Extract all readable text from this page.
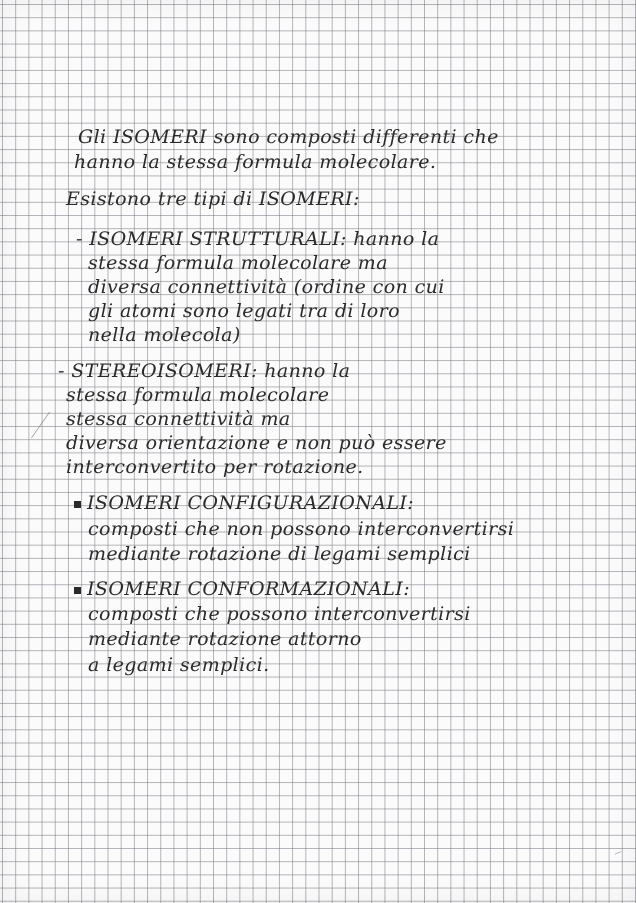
Gli ISOMERI sono composti differenti che

hanno la stessa formula molecolare.

Esistono tre tipi di ISOMERI:

- ISOMERI STRUTTURALI: hanno la

stessa formula molecolare ma

diversa connettività (ordine con cui

gli atomi sono legati tra di loro

nella molecola)

- STEREOISOMERI: hanno la

stessa formula molecolare

stessa connettività ma

diversa orientazione e non può essere

interconvertito per rotazione.

ISOMERI CONFIGURAZIONALI:

composti che non possono interconvertirsi

mediante rotazione di legami semplici

ISOMERI CONFORMAZIONALI:

composti che possono interconvertirsi

mediante rotazione attorno

a legami semplici.

~
